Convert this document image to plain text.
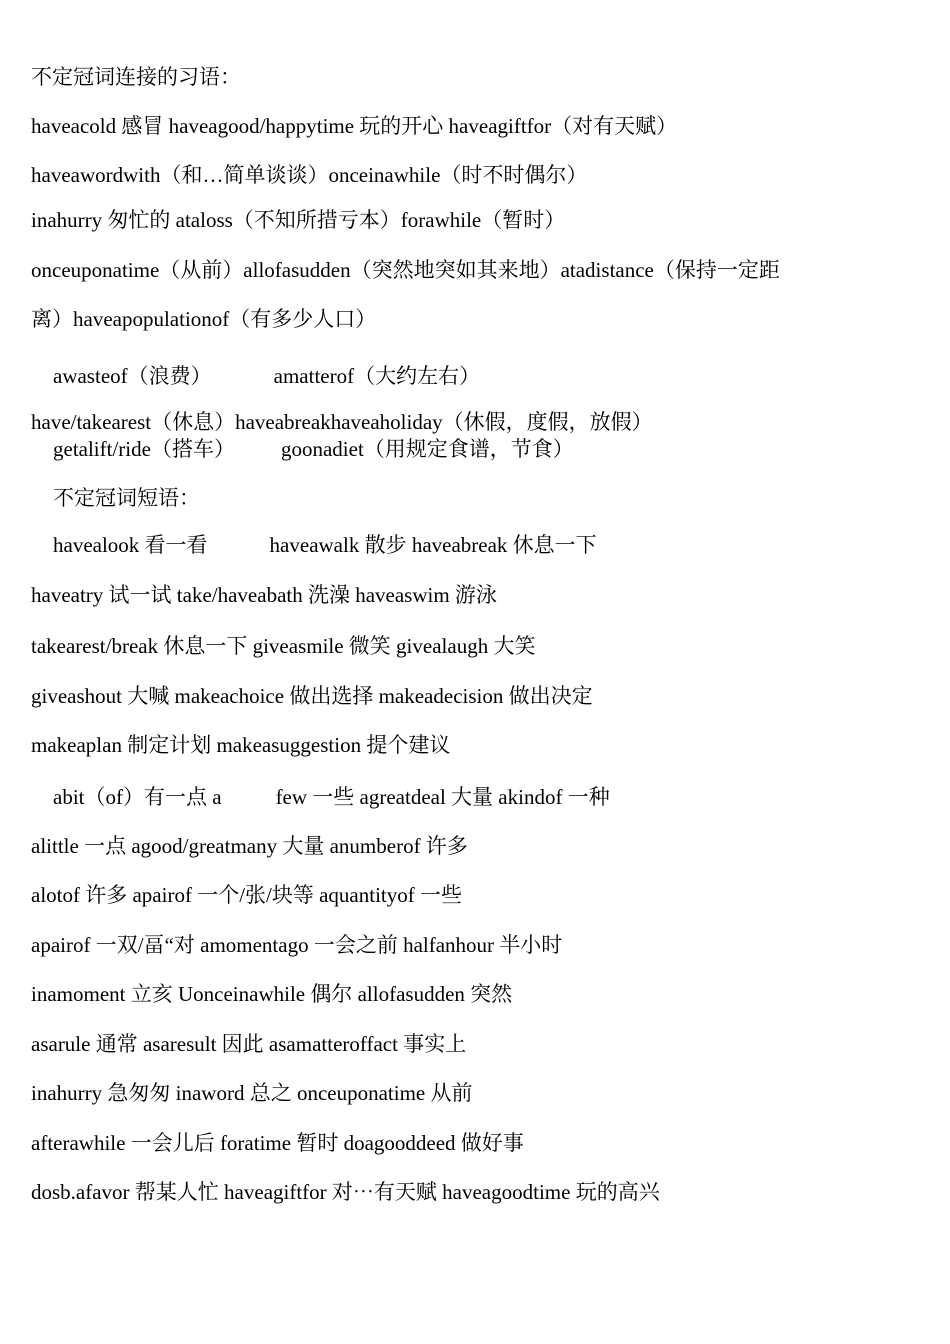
不定冠词连接的习语：
haveacold 感冒 haveagood/happytime 玩的开心 haveagiftfor（对有天赋）
haveawordwith（和…简单谈谈）onceinawhile（时不时偶尔）
inahurry 匆忙的 ataloss（不知所措亏本）forawhile（暂时）
onceuponatime（从前）allofasudden（突然地突如其来地）atadistance（保持一定距
离）haveapopulationof（有多少人口）
awasteof（浪费）	amatterof（大约左右）
have/takearest（休息）haveabreakhaveaholiday（休假，度假，放假）
getalift/ride（搭车） goonadiet（用规定食谱，节食）
不定冠词短语：
havealook 看一看	haveawalk 散步 haveabreak 休息一下
haveatry 试一试 take/haveabath 洗澡 haveaswim 游泳
takearest/break 休息一下 giveasmile 微笑 givealaugh 大笑
giveashout 大喊 makeachoice 做出选择 makeadecision 做出决定
makeaplan 制定计划 makeasuggestion 提个建议
abit（of）有一点 a	few 一些 agreatdeal 大量 akindof 一种
alittle 一点 agood/greatmany 大量 anumberof 许多
alotof 许多 apairof 一个/张/块等 aquantityof 一些
apairof 一双/畐“对 amomentago 一会之前 halfanhour 半小时
inamoment 立亥 Uonceinawhile 偶尔 allofasudden 突然
asarule 通常 asaresult 因此 asamatteroffact 事实上
inahurry 急匆匆 inaword 总之 onceuponatime 从前
afterawhile 一会儿后 foratime 暂时 doagooddeed 做好事
dosb.afavor 帮某人忙 haveagiftfor 对⋯有天赋 haveagoodtime 玩的高兴
